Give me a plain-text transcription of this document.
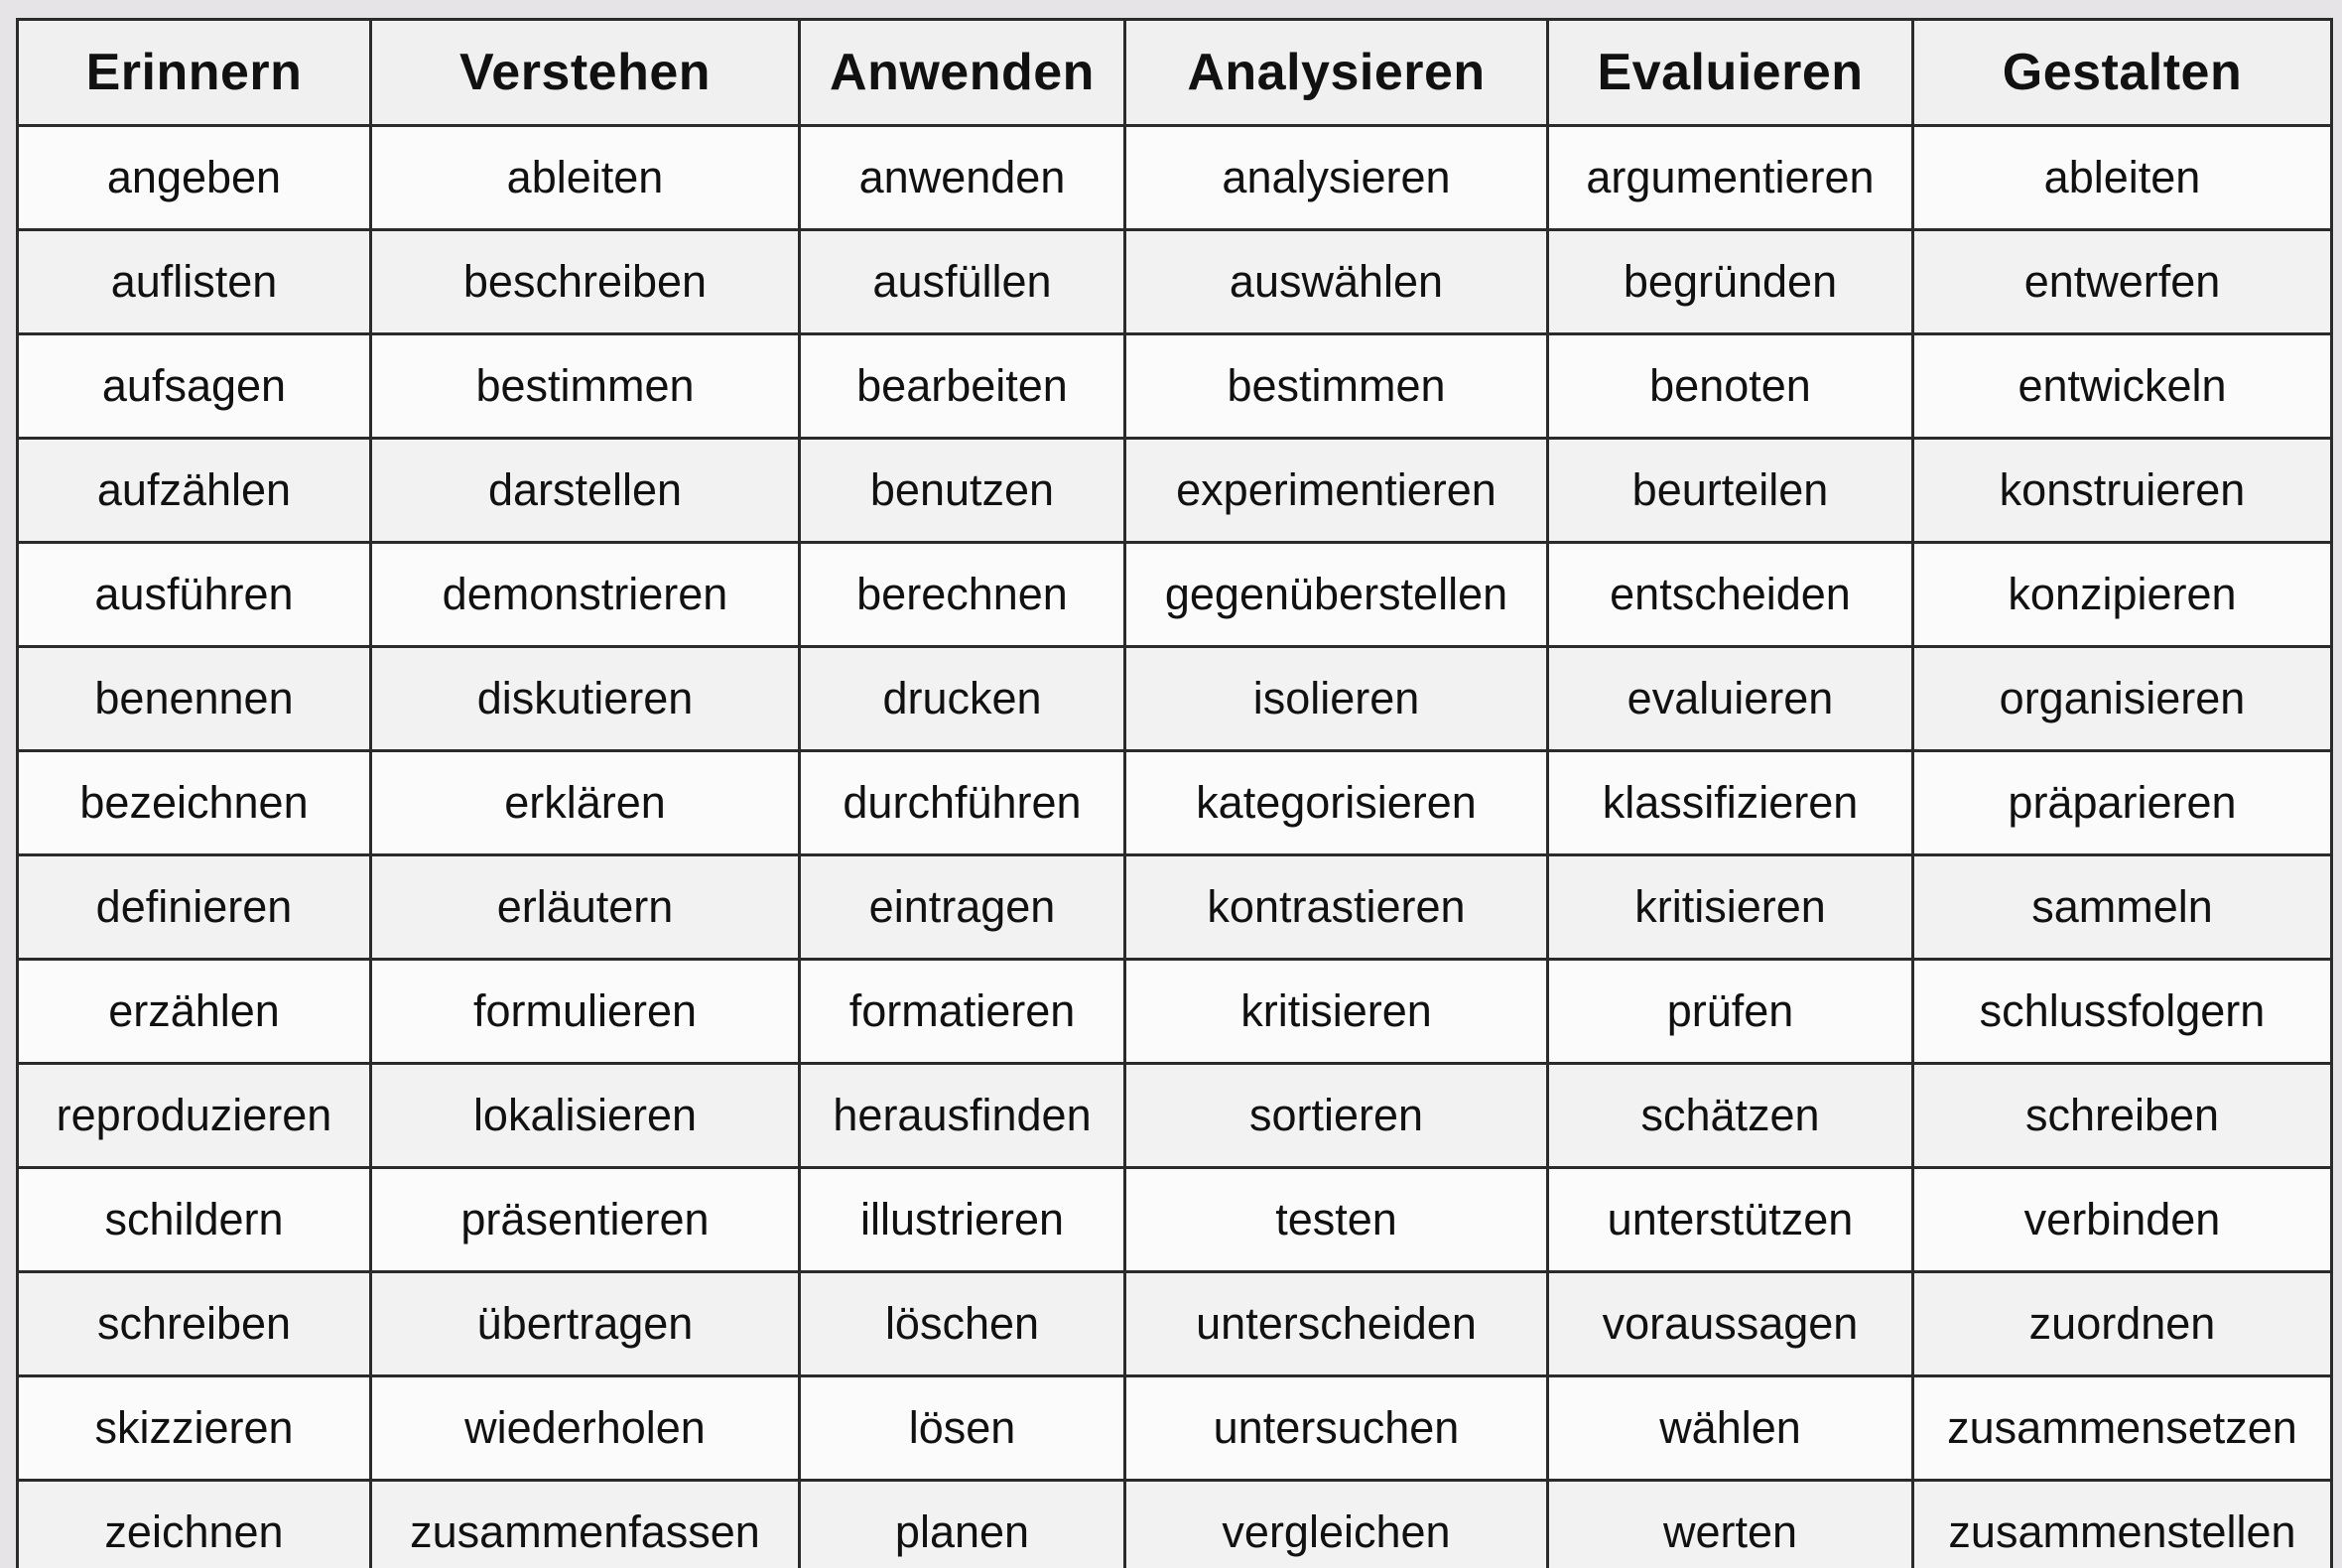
Erinnern	Verstehen	Anwenden	Analysieren	Evaluieren	Gestalten
angeben	ableiten	anwenden	analysieren	argumentieren	ableiten
auflisten	beschreiben	ausfüllen	auswählen	begründen	entwerfen
aufsagen	bestimmen	bearbeiten	bestimmen	benoten	entwickeln
aufzählen	darstellen	benutzen	experimentieren	beurteilen	konstruieren
ausführen	demonstrieren	berechnen	gegenüberstellen	entscheiden	konzipieren
benennen	diskutieren	drucken	isolieren	evaluieren	organisieren
bezeichnen	erklären	durchführen	kategorisieren	klassifizieren	präparieren
definieren	erläutern	eintragen	kontrastieren	kritisieren	sammeln
erzählen	formulieren	formatieren	kritisieren	prüfen	schlussfolgern
reproduzieren	lokalisieren	herausfinden	sortieren	schätzen	schreiben
schildern	präsentieren	illustrieren	testen	unterstützen	verbinden
schreiben	übertragen	löschen	unterscheiden	voraussagen	zuordnen
skizzieren	wiederholen	lösen	untersuchen	wählen	zusammensetzen
zeichnen	zusammenfassen	planen	vergleichen	werten	zusammenstellen
